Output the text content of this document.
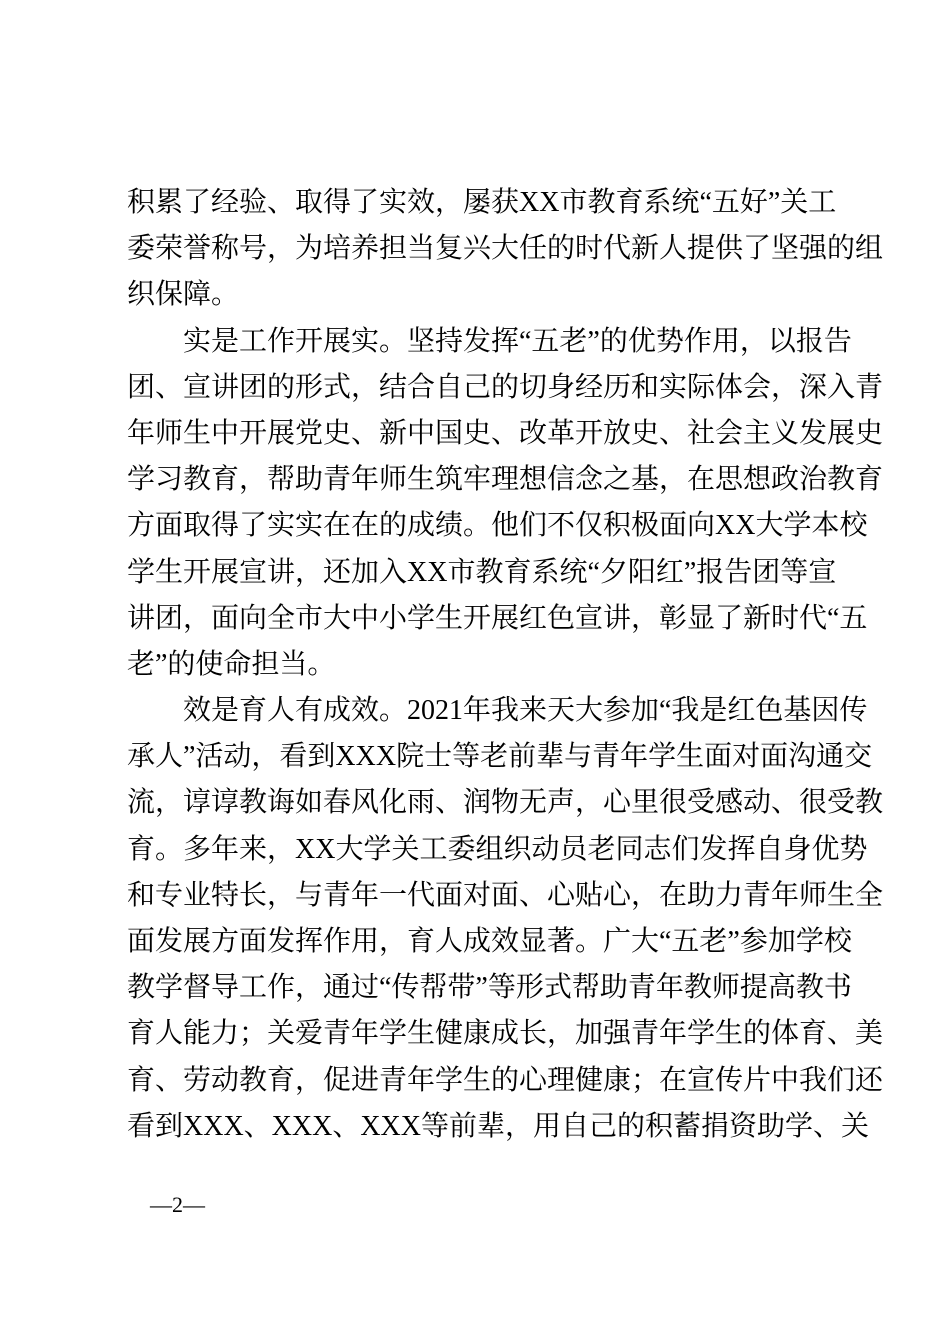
积累了经验、取得了实效，屡获XX市教育系统“五好”关工
委荣誉称号，为培养担当复兴大任的时代新人提供了坚强的组
织保障。
实是工作开展实。坚持发挥“五老”的优势作用，以报告
团、宣讲团的形式，结合自己的切身经历和实际体会，深入青
年师生中开展党史、新中国史、改革开放史、社会主义发展史
学习教育，帮助青年师生筑牢理想信念之基，在思想政治教育
方面取得了实实在在的成绩。他们不仅积极面向XX大学本校
学生开展宣讲，还加入XX市教育系统“夕阳红”报告团等宣
讲团，面向全市大中小学生开展红色宣讲，彰显了新时代“五
老”的使命担当。
效是育人有成效。2021年我来天大参加“我是红色基因传
承人”活动，看到XXX院士等老前辈与青年学生面对面沟通交
流，谆谆教诲如春风化雨、润物无声，心里很受感动、很受教
育。多年来，XX大学关工委组织动员老同志们发挥自身优势
和专业特长，与青年一代面对面、心贴心，在助力青年师生全
面发展方面发挥作用，育人成效显著。广大“五老”参加学校
教学督导工作，通过“传帮带”等形式帮助青年教师提高教书
育人能力；关爱青年学生健康成长，加强青年学生的体育、美
育、劳动教育，促进青年学生的心理健康；在宣传片中我们还
看到XXX、XXX、XXX等前辈，用自己的积蓄捐资助学、关
—2—
